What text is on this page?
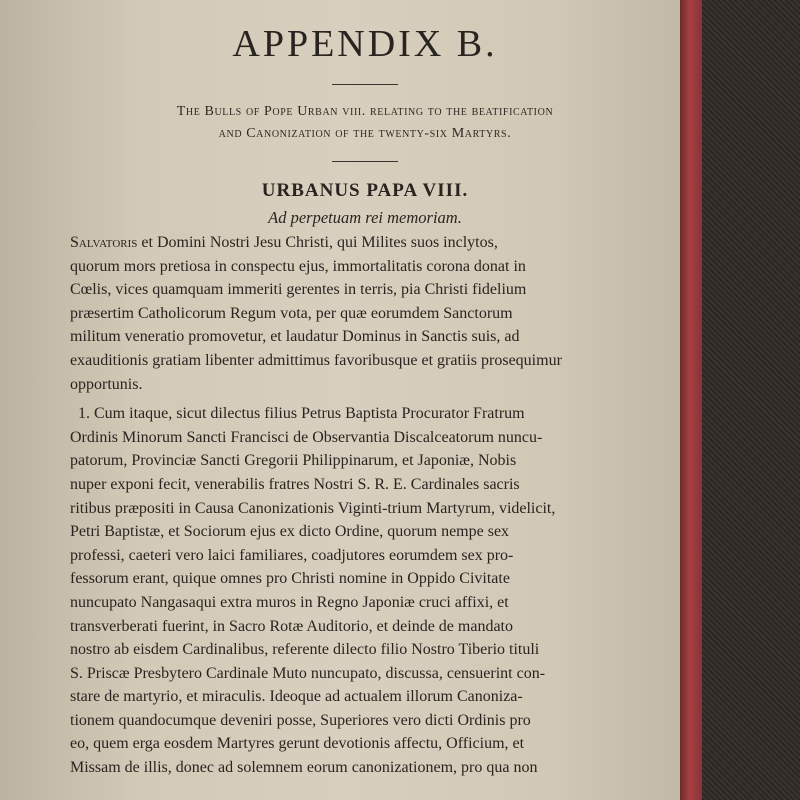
APPENDIX B.

The Bulls of Pope Urban viii. relating to the beatification
and Canonization of the twenty-six Martyrs.

URBANUS PAPA VIII.

Ad perpetuam rei memoriam.

Salvatoris et Domini Nostri Jesu Christi, qui Milites suos inclytos,
quorum mors pretiosa in conspectu ejus, immortalitatis corona donat in
Cœlis, vices quamquam immeriti gerentes in terris, pia Christi fidelium
præsertim Catholicorum Regum vota, per quæ eorumdem Sanctorum
militum veneratio promovetur, et laudatur Dominus in Sanctis suis, ad
exauditionis gratiam libenter admittimus favoribusque et gratiis prosequimur
opportunis.

1. Cum itaque, sicut dilectus filius Petrus Baptista Procurator Fratrum
Ordinis Minorum Sancti Francisci de Observantia Discalceatorum nuncu-
patorum, Provinciæ Sancti Gregorii Philippinarum, et Japoniæ, Nobis
nuper exponi fecit, venerabilis fratres Nostri S. R. E. Cardinales sacris
ritibus præpositi in Causa Canonizationis Viginti-trium Martyrum, videlicit,
Petri Baptistæ, et Sociorum ejus ex dicto Ordine, quorum nempe sex
professi, caeteri vero laici familiares, coadjutores eorumdem sex pro-
fessorum erant, quique omnes pro Christi nomine in Oppido Civitate
nuncupato Nangasaqui extra muros in Regno Japoniæ cruci affixi, et
transverberati fuerint, in Sacro Rotæ Auditorio, et deinde de mandato
nostro ab eisdem Cardinalibus, referente dilecto filio Nostro Tiberio tituli
S. Priscæ Presbytero Cardinale Muto nuncupato, discussa, censuerint con-
stare de martyrio, et miraculis. Ideoque ad actualem illorum Canoniza-
tionem quandocumque deveniri posse, Superiores vero dicti Ordinis pro
eo, quem erga eosdem Martyres gerunt devotionis affectu, Officium, et
Missam de illis, donec ad solemnem eorum canonizationem, pro qua non
